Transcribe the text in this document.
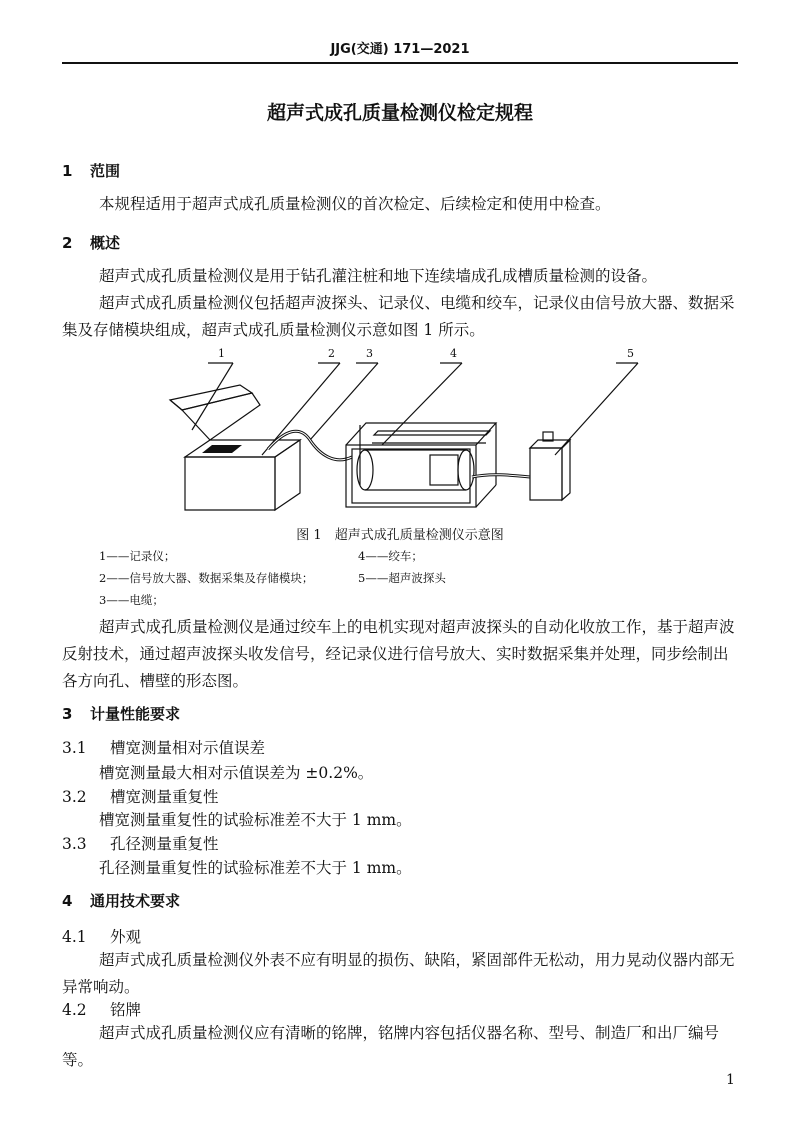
JJG(交通) 171—2021
超声式成孔质量检测仪检定规程
1 范围
本规程适用于超声式成孔质量检测仪的首次检定、后续检定和使用中检查。
2 概述
超声式成孔质量检测仪是用于钻孔灌注桩和地下连续墙成孔成槽质量检测的设备。
超声式成孔质量检测仪包括超声波探头、记录仪、电缆和绞车，记录仪由信号放大器、数据采集及存储模块组成，超声式成孔质量检测仪示意如图 1 所示。
1	2	3	4	5
图 1　超声式成孔质量检测仪示意图
1——记录仪；	4——绞车；
2——信号放大器、数据采集及存储模块；	5——超声波探头
3——电缆；
超声式成孔质量检测仪是通过绞车上的电机实现对超声波探头的自动化收放工作，基于超声波反射技术，通过超声波探头收发信号，经记录仪进行信号放大、实时数据采集并处理，同步绘制出各方向孔、槽壁的形态图。
3 计量性能要求
3.1 槽宽测量相对示值误差
槽宽测量最大相对示值误差为 ±0.2%。
3.2 槽宽测量重复性
槽宽测量重复性的试验标准差不大于 1 mm。
3.3 孔径测量重复性
孔径测量重复性的试验标准差不大于 1 mm。
4 通用技术要求
4.1 外观
超声式成孔质量检测仪外表不应有明显的损伤、缺陷，紧固部件无松动，用力晃动仪器内部无异常响动。
4.2 铭牌
超声式成孔质量检测仪应有清晰的铭牌，铭牌内容包括仪器名称、型号、制造厂和出厂编号等。
1
